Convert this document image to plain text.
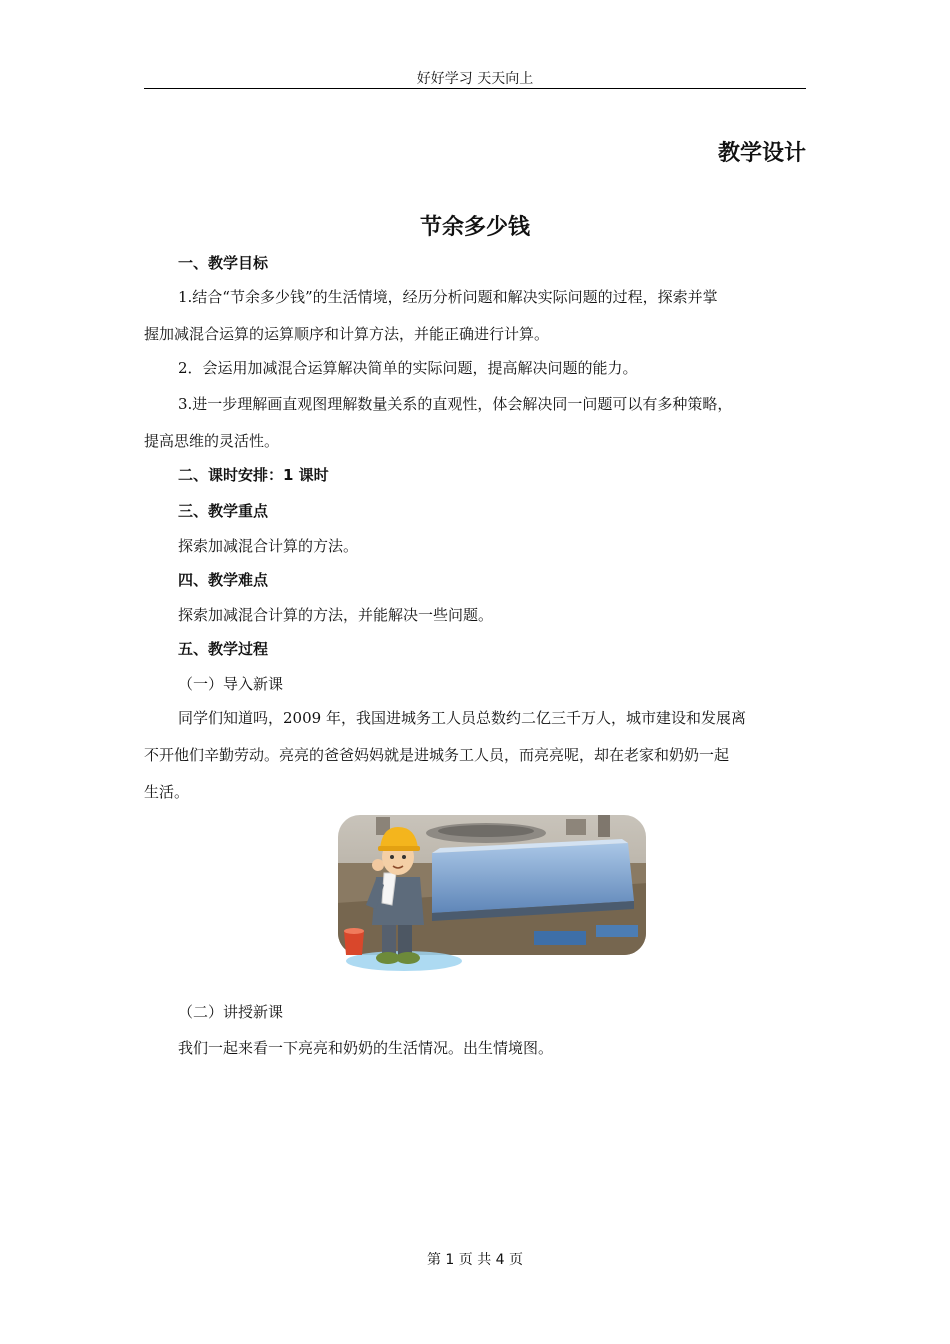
好好学习 天天向上
教学设计
节余多少钱
一、教学目标
1.结合“节余多少钱”的生活情境，经历分析问题和解决实际问题的过程，探索并掌
握加减混合运算的运算顺序和计算方法，并能正确进行计算。
2．会运用加减混合运算解决简单的实际问题，提高解决问题的能力。
3.进一步理解画直观图理解数量关系的直观性，体会解决同一问题可以有多种策略，
提高思维的灵活性。
二、课时安排：1 课时
三、教学重点
探索加减混合计算的方法。
四、教学难点
探索加减混合计算的方法，并能解决一些问题。
五、教学过程
（一）导入新课
同学们知道吗，2009 年，我国进城务工人员总数约二亿三千万人，城市建设和发展离
不开他们辛勤劳动。亮亮的爸爸妈妈就是进城务工人员，而亮亮呢，却在老家和奶奶一起
生活。
（二）讲授新课
我们一起来看一下亮亮和奶奶的生活情况。出生情境图。
第 1 页 共 4 页
